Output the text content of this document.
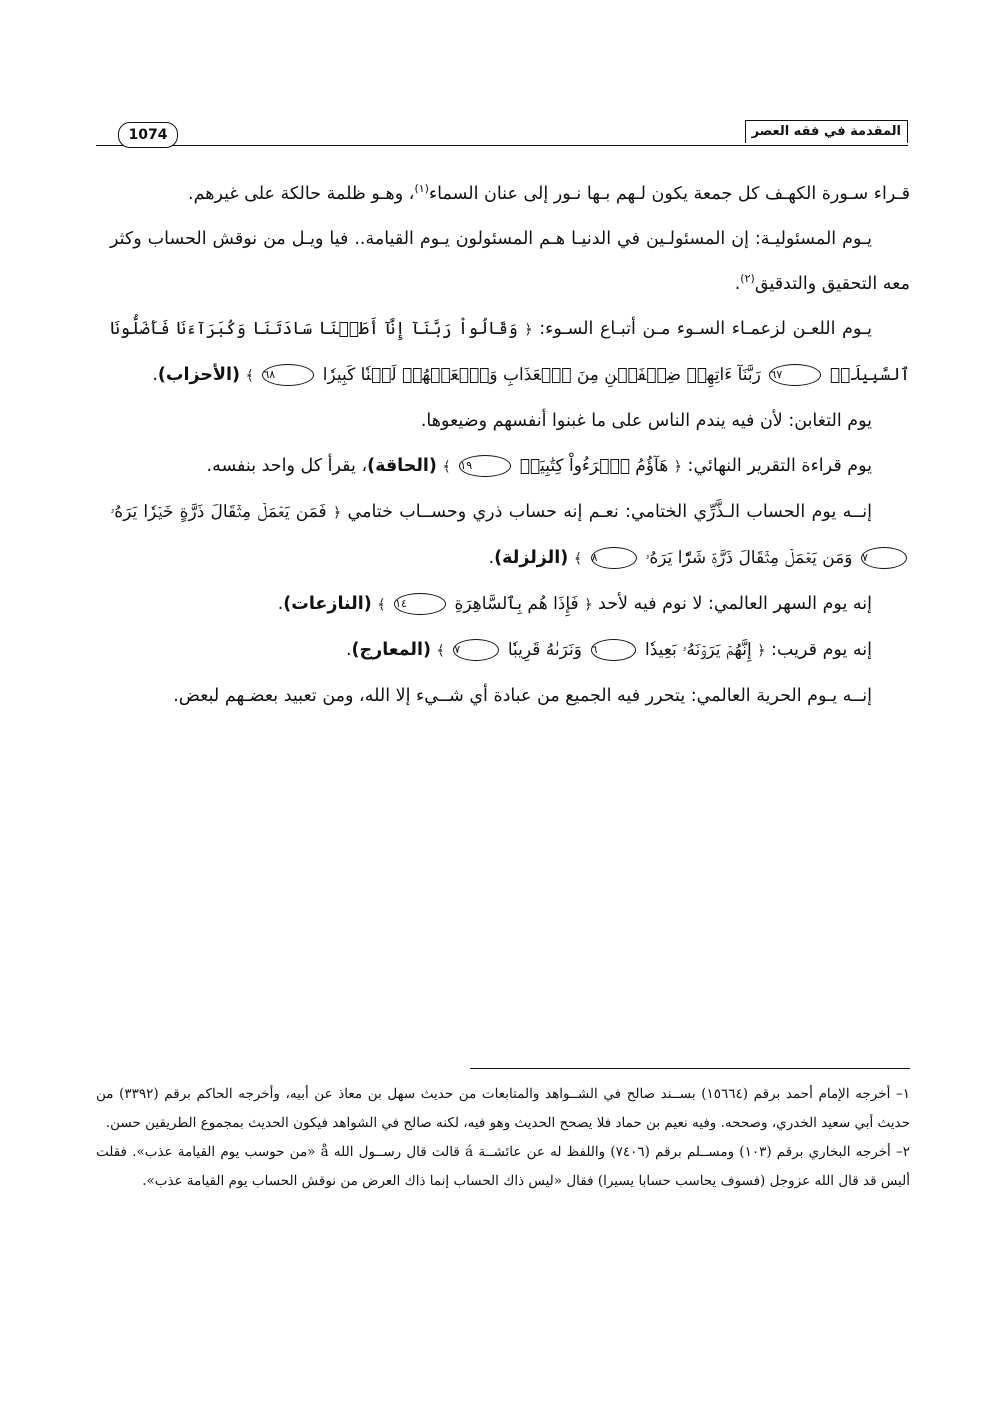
المقدمة في فقه العصر
1074

قـراء سـورة الكهـف كل جمعة يكون لـهم بـها نـور إلى عنان السماء$^{(١)}$، وهـو ظلمة حالكة على غيرهم.

يـوم المسئوليـة: إن المسئولـين في الدنيـا هـم المسئولون يـوم القيامة.. فيا ويـل من نوقش الحساب وكثر معه التحقيق والتدقيق$^{(٢)}$.

يـوم اللعـن لزعمـاء السـوء مـن أتبـاع السـوء: ﴿ وَقَالُواْ رَبَّنَآ إِنَّآ أَطَعۡنَا سَادَتَنَا وَكُبَرَآءَنَا فَأَضَلُّونَا ٱلسَّبِيلَا۠ ٦٧ رَبَّنَآ ءَاتِهِمۡ ضِعۡفَيۡنِ مِنَ ٱلۡعَذَابِ وَٱلۡعَنۡهُمۡ لَعۡنٗا كَبِيرٗا ٦٨ ﴾ (الأحزاب).

يوم التغابن: لأن فيه يندم الناس على ما غبنوا أنفسهم وضيعوها.

يوم قراءة التقرير النهائي: ﴿ هَآؤُمُ ٱقۡرَءُواْ كِتَٰبِيَهۡ ١٩ ﴾ (الحاقة)، يقرأ كل واحد بنفسه.

إنــه يوم الحساب الـذَّرِّي الختامي: نعـم إنه حساب ذري وحســاب ختامي ﴿ فَمَن يَعۡمَلۡ مِثۡقَالَ ذَرَّةٍ خَيۡرٗا يَرَهُۥ ٧ وَمَن يَعۡمَلۡ مِثۡقَالَ ذَرَّةٖ شَرّٗا يَرَهُۥ ٨ ﴾ (الزلزلة).

إنه يوم السهر العالمي: لا نوم فيه لأحد ﴿ فَإِذَا هُم بِٱلسَّاهِرَةِ ١٤ ﴾ (النازعات).

إنه يوم قريب: ﴿ إِنَّهُمۡ يَرَوۡنَهُۥ بَعِيدٗا ٦ وَنَرَىٰهُ قَرِيبٗا ٧ ﴾ (المعارج).

إنــه يـوم الحرية العالمي: يتحرر فيه الجميع من عبادة أي شــيء إلا الله، ومن تعبيد بعضـهم لبعض.

١– أخرجه الإمام أحمد برقم (١٥٦٦٤) بســند صالح في الشــواهد والمتابعات من حديث سهل بن معاذ عن أبيه، وأخرجه الحاكم برقم (٣٣٩٢) من حديث أبي سعيد الخدري، وصححه. وفيه نعيم بن حماد فلا يصحح الحديث وهو فيه، لكنه صالح في الشواهد فيكون الحديث بمجموع الطريقين حسن.

٢– أخرجه البخاري برقم (١٠٣) ومســلم برقم (٧٤٠٦) واللفظ له عن عائشــة á قالت قال رســول الله å «من حوسب يوم القيامة عذب». فقلت أليس قد قال الله عزوجل (فسوف يحاسب حسابا يسيرا) فقال «ليس ذاك الحساب إنما ذاك العرض من نوقش الحساب يوم القيامة عذب».
